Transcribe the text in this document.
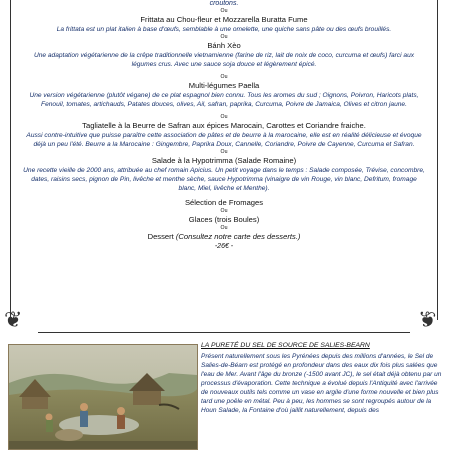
❦	❦
croutons.
Ou
Frittata au Chou-fleur et Mozzarella Buratta Fume
La frittata est un plat italien à base d'œufs, semblable à une omelette, une quiche sans pâte ou des œufs brouillés.
Ou
Bánh Xèo
Une adaptation végétarienne de la crêpe traditionnelle vietnamienne (farine de riz, lait de noix de coco, curcuma et œufs) farci aux légumes crus. Avec une sauce soja douce et légèrement épicé.
Ou
Multi-légumes Paella
Une version végétarienne (plutôt végane) de ce plat espagnol bien connu. Tous les aromes du sud ; Oignons, Poivron, Haricots plats, Fenouil, tomates, artichauds, Patates douces, olives, Ail, safran, paprika, Curcuma, Poivre de Jamaica, Olives et citron jaune.
Ou
Tagliatelle à la Beurre de Safran aux épices Marocain, Carottes et Coriandre fraiche.
Aussi contre-intuitive que puisse paraître cette association de pâtes et de beurre à la marocaine, elle est en réalité délicieuse et évoque déjà un peu l'été. Beurre a la Marocaine : Gingembre, Paprika Doux, Cannelle, Coriandre, Poivre de Cayenne, Curcuma et Safran.
Ou
Salade à la Hypotrimma (Salade Romaine)
Une recette vieille de 2000 ans, attribuée au chef romain Apicius. Un petit voyage dans le temps : Salade composée, Trévise, concombre, dates, raisins secs, pignon de Pin, livêche et menthe sèche, sauce Hypotrimma (vinaigre de vin Rouge, vin blanc, Defritum, fromage blanc, Miel, livêche et Menthe).
Sélection de Fromages
Ou
Glaces (trois Boules)
Ou
Dessert (Consultez notre carte des desserts.)
-26€ -
LA PURETÉ DU SEL DE SOURCE DE SALIES-BEARN
Présent naturellement sous les Pyrénées depuis des millions d'années, le Sel de Salies-de-Béarn est protégé en profondeur dans des eaux dix fois plus salées que l'eau de Mer. Avant l'âge du bronze (-1500 avant JC), le sel était déjà obtenu par un processus d'évaporation. Cette technique a évolué depuis l'Antiquité avec l'arrivée de nouveaux outils tels comme un vase en argile d'une forme nouvelle et bien plus tard une poële en métal. Peu à peu, les hommes se sont regroupés autour de la Houn Salade, la Fontaine d'où jaillit naturellement, depuis des
